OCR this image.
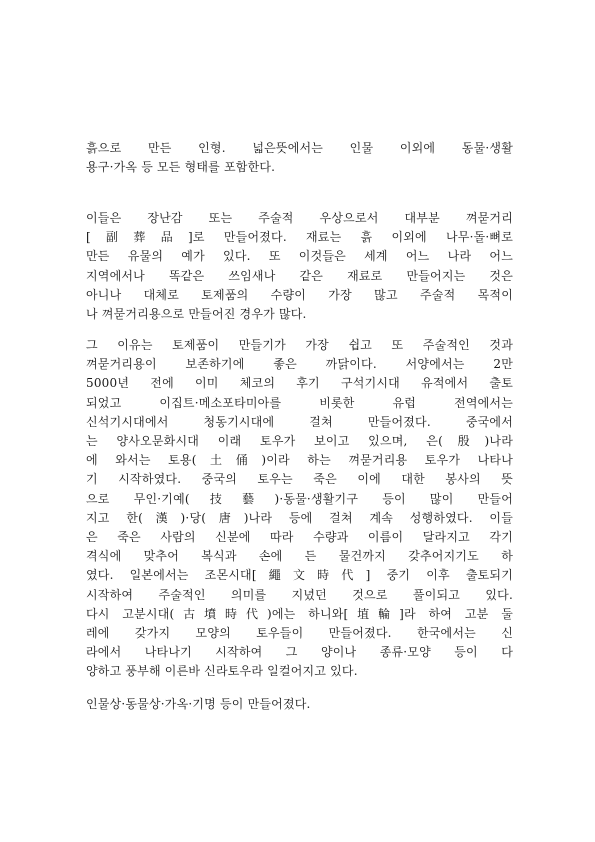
흙으로 만든 인형. 넓은뜻에서는 인물 이외에 동물·생활
용구·가옥 등 모든 형태를 포함한다.

이들은 장난감 또는 주술적 우상으로서 대부분 껴묻거리
[副葬品]로 만들어졌다. 재료는 흙 이외에 나무·돌·뼈로
만든 유물의 예가 있다. 또 이것들은 세계 어느 나라 어느
지역에서나 똑같은 쓰임새나 같은 재료로 만들어지는 것은
아니나 대체로 토제품의 수량이 가장 많고 주술적 목적이
나 껴묻거리용으로 만들어진 경우가 많다.

그 이유는 토제품이 만들기가 가장 쉽고 또 주술적인 것과
껴묻거리용이 보존하기에 좋은 까닭이다. 서양에서는 2만
5000년 전에 이미 체코의 후기 구석기시대 유적에서 출토
되었고 이집트·메소포타미아를 비롯한 유럽 전역에서는
신석기시대에서 청동기시대에 걸쳐 만들어졌다. 중국에서
는 양사오문화시대 이래 토우가 보이고 있으며, 은(殷)나라
에 와서는 토용(土俑)이라 하는 껴묻거리용 토우가 나타나
기 시작하였다. 중국의 토우는 죽은 이에 대한 봉사의 뜻
으로 무인·기예(技藝)·동물·생활기구 등이 많이 만들어
지고 한(漢)·당(唐)나라 등에 걸쳐 계속 성행하였다. 이들
은 죽은 사람의 신분에 따라 수량과 이름이 달라지고 각기
격식에 맞추어 복식과 손에 든 물건까지 갖추어지기도 하
였다. 일본에서는 조몬시대[繩文時代] 중기 이후 출토되기
시작하여 주술적인 의미를 지녔던 것으로 풀이되고 있다.
다시 고분시대(古墳時代)에는 하니와[埴輪]라 하여 고분 둘
레에 갖가지 모양의 토우들이 만들어졌다. 한국에서는 신
라에서 나타나기 시작하여 그 양이나 종류·모양 등이 다
양하고 풍부해 이른바 신라토우라 일컬어지고 있다.

인물상·동물상·가옥·기명 등이 만들어졌다.
